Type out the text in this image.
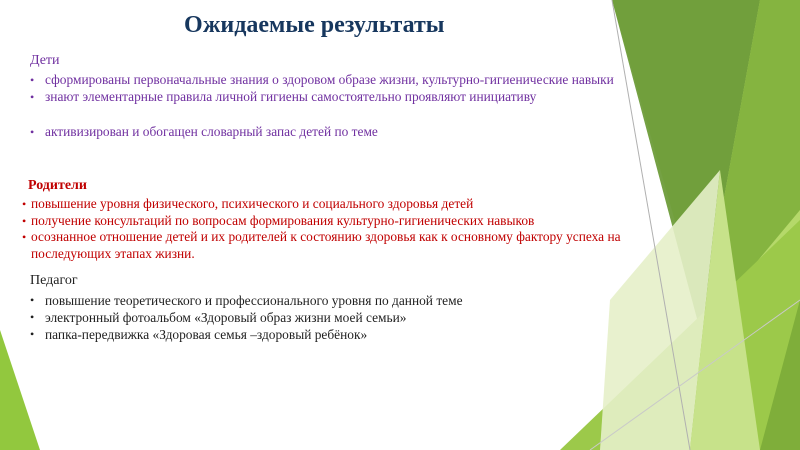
Ожидаемые результаты

Дети

• сформированы первоначальные знания о здоровом образе жизни, культурно-гигиенические навыки
• знают элементарные правила личной гигиены самостоятельно проявляют инициативу
• активизирован и обогащен словарный запас детей по теме

Родители

• повышение уровня физического, психического и социального здоровья детей
• получение консультаций по вопросам формирования культурно-гигиенических навыков
• осознанное отношение детей и их родителей к состоянию здоровья как к основному фактору успеха на последующих этапах жизни.

Педагог

• повышение теоретического и профессионального уровня по данной теме
• электронный фотоальбом «Здоровый образ жизни моей семьи»
• папка-передвижка «Здоровая семья –здоровый ребёнок»
